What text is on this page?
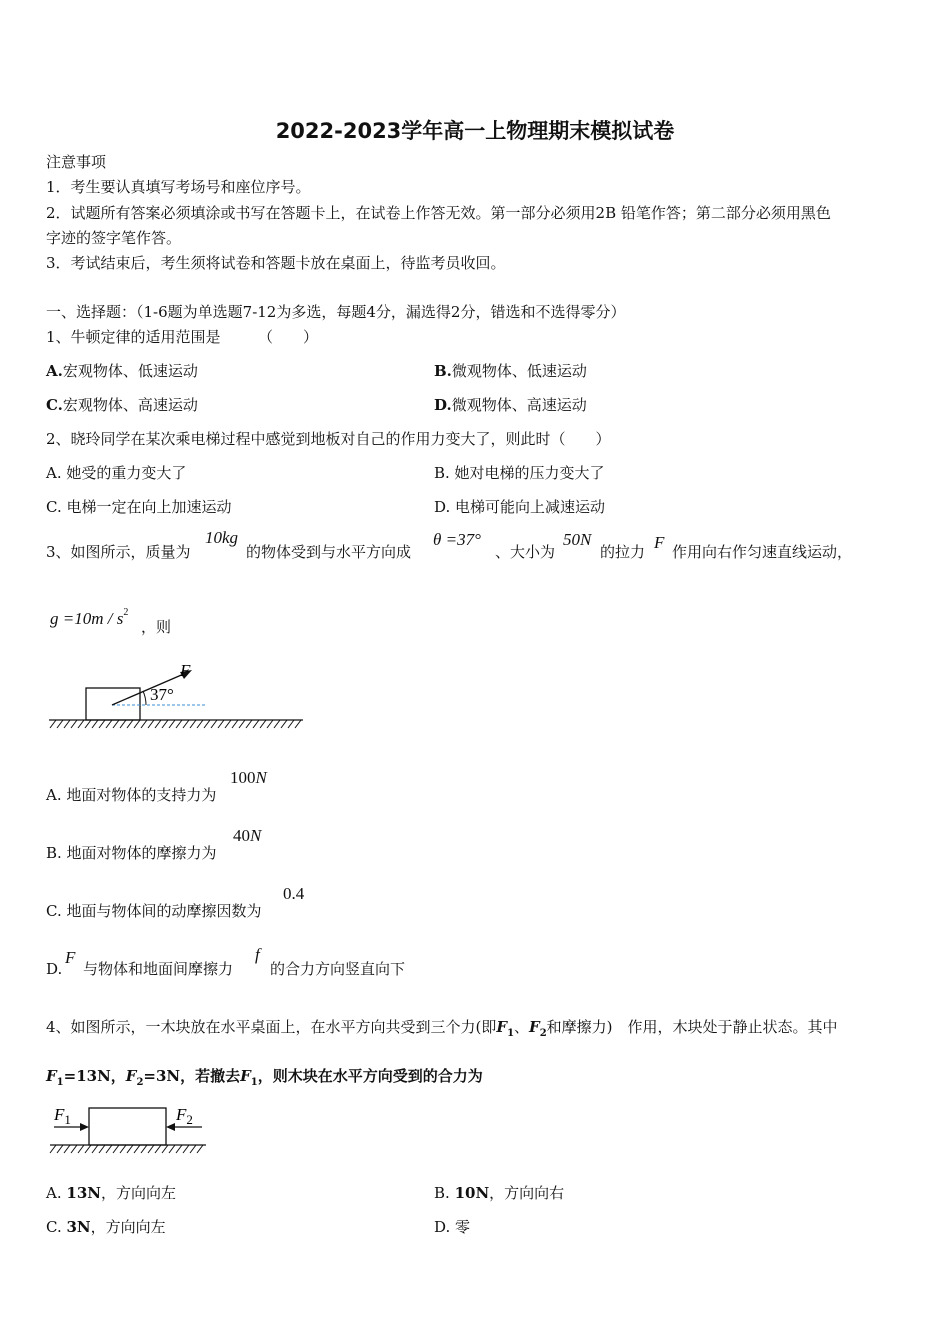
2022-2023学年高一上物理期末模拟试卷
注意事项
1．考生要认真填写考场号和座位序号。
2．试题所有答案必须填涂或书写在答题卡上，在试卷上作答无效。第一部分必须用2B 铅笔作答；第二部分必须用黑色
字迹的签字笔作答。
3．考试结束后，考生须将试卷和答题卡放在桌面上，待监考员收回。
一、选择题：（1-6题为单选题7-12为多选，每题4分，漏选得2分，错选和不选得零分）
1、牛顿定律的适用范围是　　　（　　）
A.宏观物体、低速运动	B.微观物体、低速运动
C.宏观物体、高速运动	D.微观物体、高速运动
2、晓玲同学在某次乘电梯过程中感觉到地板对自己的作用力变大了，则此时（　　）
A. 她受的重力变大了	B. 她对电梯的压力变大了
C. 电梯一定在向上加速运动	D. 电梯可能向上减速运动
3、如图所示，质量为
10kg
的物体受到与水平方向成
θ =37°
、大小为
50N
的拉力 F 作用向右作匀速直线运动，
$g =10m / s^2$
，则
F
37°
A. 地面对物体的支持力为
100N
B. 地面对物体的摩擦力为
40N
C. 地面与物体间的动摩擦因数为
0.4
D.
F
与物体和地面间摩擦力
f
的合力方向竖直向下
4、如图所示，一木块放在水平桌面上，在水平方向共受到三个力(即$F_1$、$F_2$和摩擦力)　作用，木块处于静止状态。其中
$F_1=13N$，$F_2=3N$，若撤去$F_1$，则木块在水平方向受到的合力为
$F_1$	$F_2$
A. 13N，方向向左	B. 10N，方向向右
C. 3N，方向向左	D. 零
